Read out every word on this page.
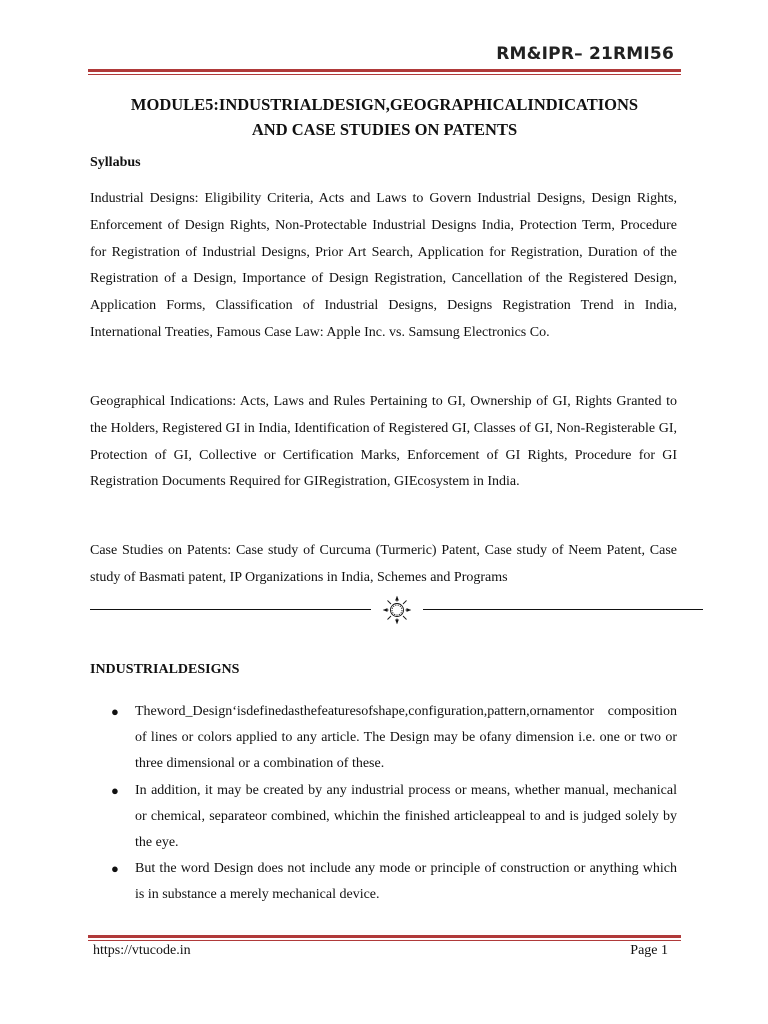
RM&IPR– 21RMI56
MODULE5:INDUSTRIALDESIGN,GEOGRAPHICALINDICATIONS
AND CASE STUDIES ON PATENTS
Syllabus

Industrial Designs: Eligibility Criteria, Acts and Laws to Govern Industrial Designs, Design Rights, Enforcement of Design Rights, Non-Protectable Industrial Designs India, Protection Term, Procedure for Registration of Industrial Designs, Prior Art Search, Application for Registration, Duration of the Registration of a Design, Importance of Design Registration, Cancellation of the Registered Design, Application Forms, Classification of Industrial Designs, Designs Registration Trend in India, International Treaties, Famous Case Law: Apple Inc. vs. Samsung Electronics Co.

Geographical Indications: Acts, Laws and Rules Pertaining to GI, Ownership of GI, Rights Granted to the Holders, Registered GI in India, Identification of Registered GI, Classes of GI, Non-Registerable GI, Protection of GI, Collective or Certification Marks, Enforcement of GI Rights, Procedure for GI Registration Documents Required for GIRegistration, GIEcosystem in India.

Case Studies on Patents: Case study of Curcuma (Turmeric) Patent, Case study of Neem Patent, Case study of Basmati patent, IP Organizations in India, Schemes and Programs

INDUSTRIALDESIGNS
● Theword_Design‘isdefinedasthefeaturesofshape,configuration,pattern,ornamentor composition of lines or colors applied to any article. The Design may be ofany dimension i.e. one or two or three dimensional or a combination of these.
● In addition, it may be created by any industrial process or means, whether manual, mechanical or chemical, separateor combined, whichin the finished articleappeal to and is judged solely by the eye.
● But the word Design does not include any mode or principle of construction or anything which is in substance a merely mechanical device.
https://vtucode.in	Page 1
